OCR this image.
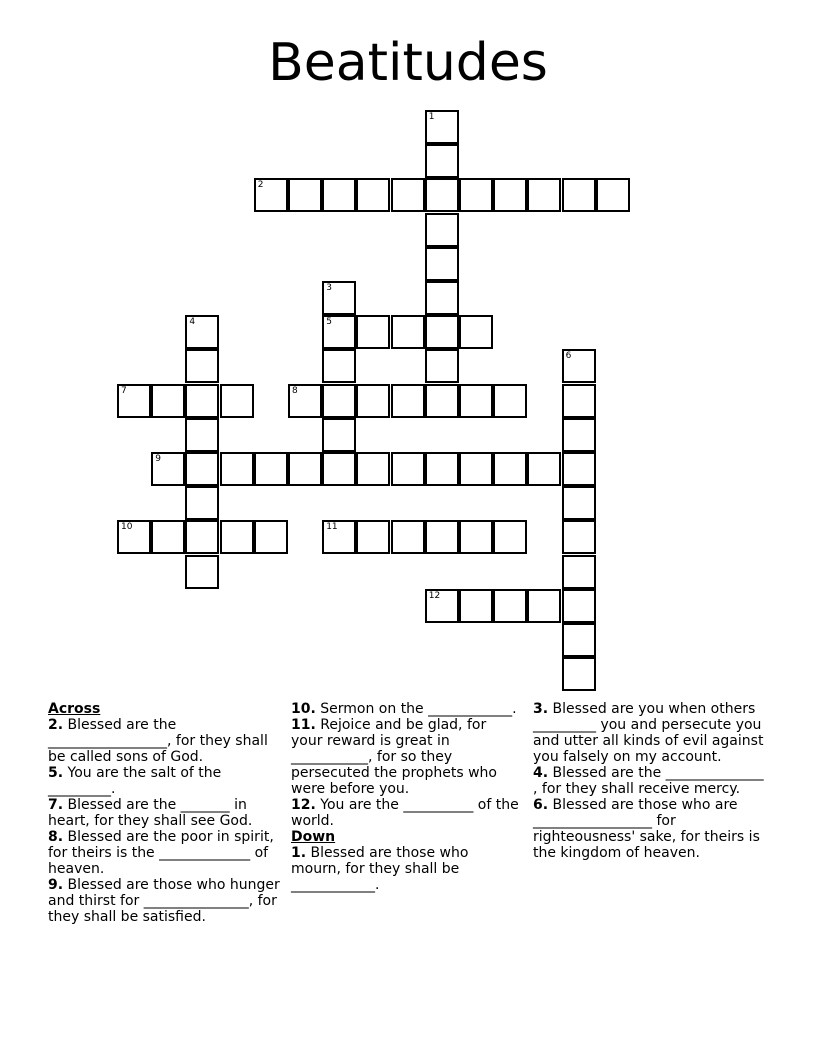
Beatitudes
1
2
3
4	5
6
7	8
9
10	11
12
Across
2. Blessed are the _________________, for they shall be called sons of God.
5. You are the salt of the _________.
7. Blessed are the _______ in heart, for they shall see God.
8. Blessed are the poor in spirit, for theirs is the _____________ of heaven.
9. Blessed are those who hunger and thirst for _______________, for they shall be satisfied.
10. Sermon on the ____________.
11. Rejoice and be glad, for your reward is great in ___________, for so they persecuted the prophets who were before you.
12. You are the __________ of the world.
Down
1. Blessed are those who mourn, for they shall be ____________.
3. Blessed are you when others _________ you and persecute you and utter all kinds of evil against you falsely on my account.
4. Blessed are the ______________ , for they shall receive mercy.
6. Blessed are those who are _________________ for righteousness' sake, for theirs is the kingdom of heaven.
